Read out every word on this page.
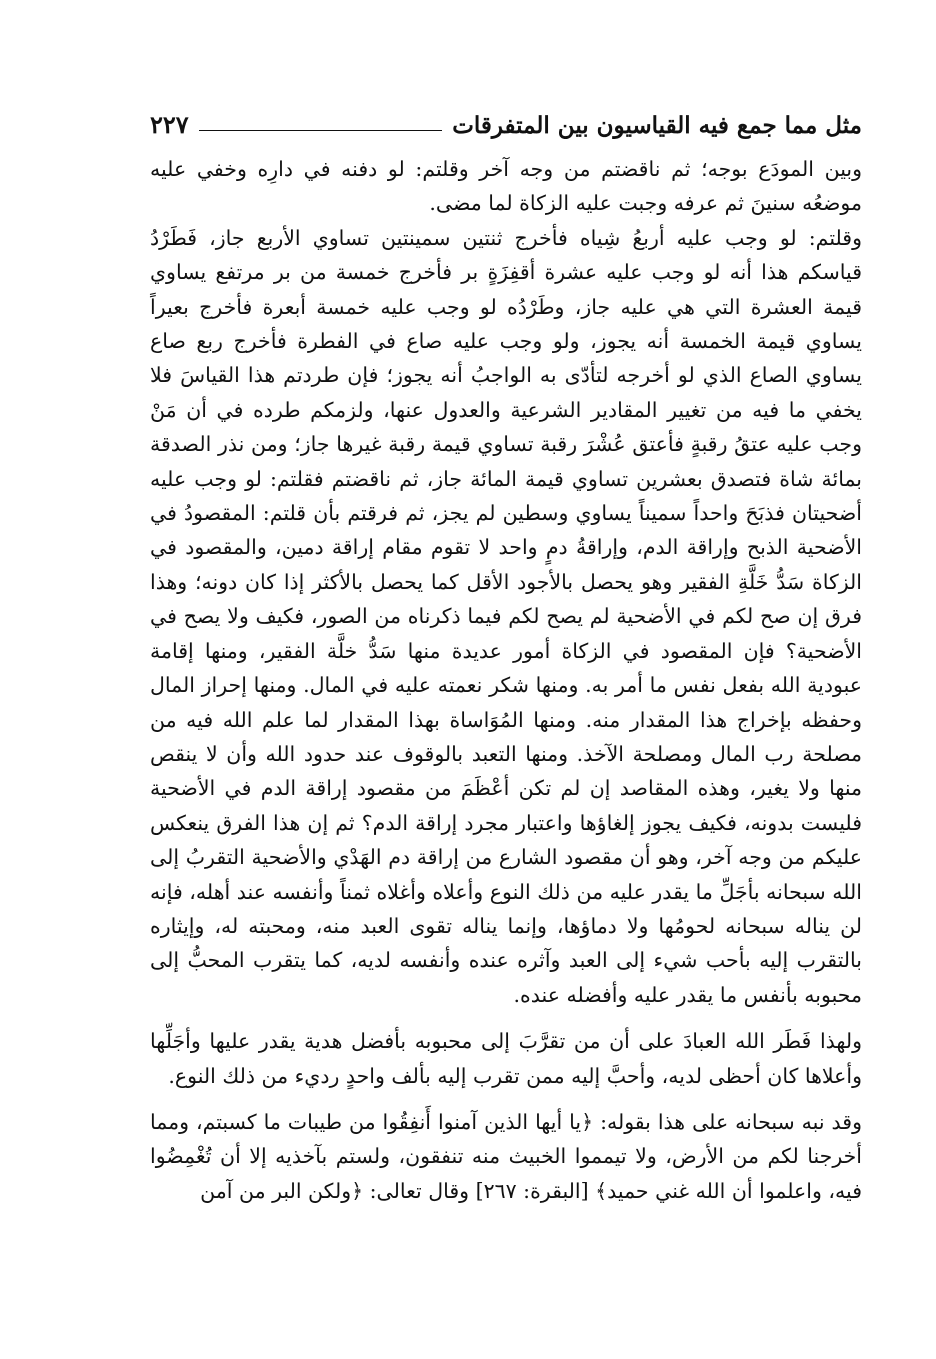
مثل مما جمع فيه القياسيون بين المتفرقات
٢٢٧

وبين المودَع بوجه؛ ثم ناقضتم من وجه آخر وقلتم: لو دفنه في دارِه وخفي عليه موضعُه سنينَ ثم عرفه وجبت عليه الزكاة لما مضى.

وقلتم: لو وجب عليه أربعُ شِياه فأخرج ثنتين سمينتين تساوي الأربع جاز، فَطَرْدُ قياسكم هذا أنه لو وجب عليه عشرة أقفِزَةٍ بر فأخرج خمسة من بر مرتفع يساوي قيمة العشرة التي هي عليه جاز، وطَرْدُه لو وجب عليه خمسة أبعرة فأخرج بعيراً يساوي قيمة الخمسة أنه يجوز، ولو وجب عليه صاع في الفطرة فأخرج ربع صاع يساوي الصاع الذي لو أخرجه لتأدّى به الواجبُ أنه يجوز؛ فإن طردتم هذا القياسَ فلا يخفي ما فيه من تغيير المقادير الشرعية والعدول عنها، ولزمكم طرده في أن مَنْ وجب عليه عتقُ رقبةٍ فأعتق عُشْرَ رقبة تساوي قيمة رقبة غيرها جاز؛ ومن نذر الصدقة بمائة شاة فتصدق بعشرين تساوي قيمة المائة جاز، ثم ناقضتم فقلتم: لو وجب عليه أضحيتان فذبَحَ واحداً سميناً يساوي وسطين لم يجز، ثم فرقتم بأن قلتم: المقصودُ في الأضحية الذبح وإراقة الدم، وإراقةُ دمٍ واحد لا تقوم مقام إراقة دمين، والمقصود في الزكاة سَدُّ خَلَّةِ الفقير وهو يحصل بالأجود الأقل كما يحصل بالأكثر إذا كان دونه؛ وهذا فرق إن صح لكم في الأضحية لم يصح لكم فيما ذكرناه من الصور، فكيف ولا يصح في الأضحية؟ فإن المقصود في الزكاة أمور عديدة منها سَدُّ خلَّة الفقير، ومنها إقامة عبودية الله بفعل نفس ما أمر به. ومنها شكر نعمته عليه في المال. ومنها إحراز المال وحفظه بإخراج هذا المقدار منه. ومنها المُوَاساة بهذا المقدار لما علم الله فيه من مصلحة رب المال ومصلحة الآخذ. ومنها التعبد بالوقوف عند حدود الله وأن لا ينقص منها ولا يغير، وهذه المقاصد إن لم تكن أعْظَمَ من مقصود إراقة الدم في الأضحية فليست بدونه، فكيف يجوز إلغاؤها واعتبار مجرد إراقة الدم؟ ثم إن هذا الفرق ينعكس عليكم من وجه آخر، وهو أن مقصود الشارع من إراقة دم الهَدْي والأضحية التقربُ إلى الله سبحانه بأجَلِّ ما يقدر عليه من ذلك النوع وأعلاه وأغلاه ثمناً وأنفسه عند أهله، فإنه لن يناله سبحانه لحومُها ولا دماؤها، وإنما يناله تقوى العبد منه، ومحبته له، وإيثاره بالتقرب إليه بأحب شيء إلى العبد وآثره عنده وأنفسه لديه، كما يتقرب المحبُّ إلى محبوبه بأنفس ما يقدر عليه وأفضله عنده.

ولهذا فَطَر الله العبادَ على أن من تقرَّبَ إلى محبوبه بأفضل هدية يقدر عليها وأجَلِّها وأعلاها كان أحظى لديه، وأحبَّ إليه ممن تقرب إليه بألف واحدٍ رديء من ذلك النوع.

وقد نبه سبحانه على هذا بقوله: ﴿يا أيها الذين آمنوا أَنفِقُوا من طيبات ما كسبتم، ومما أخرجنا لكم من الأرض، ولا تيمموا الخبيث منه تنفقون، ولستم بآخذيه إلا أن تُغْمِضُوا فيه، واعلموا أن الله غني حميد﴾ [البقرة: ٢٦٧] وقال تعالى: ﴿ولكن البر من آمن
